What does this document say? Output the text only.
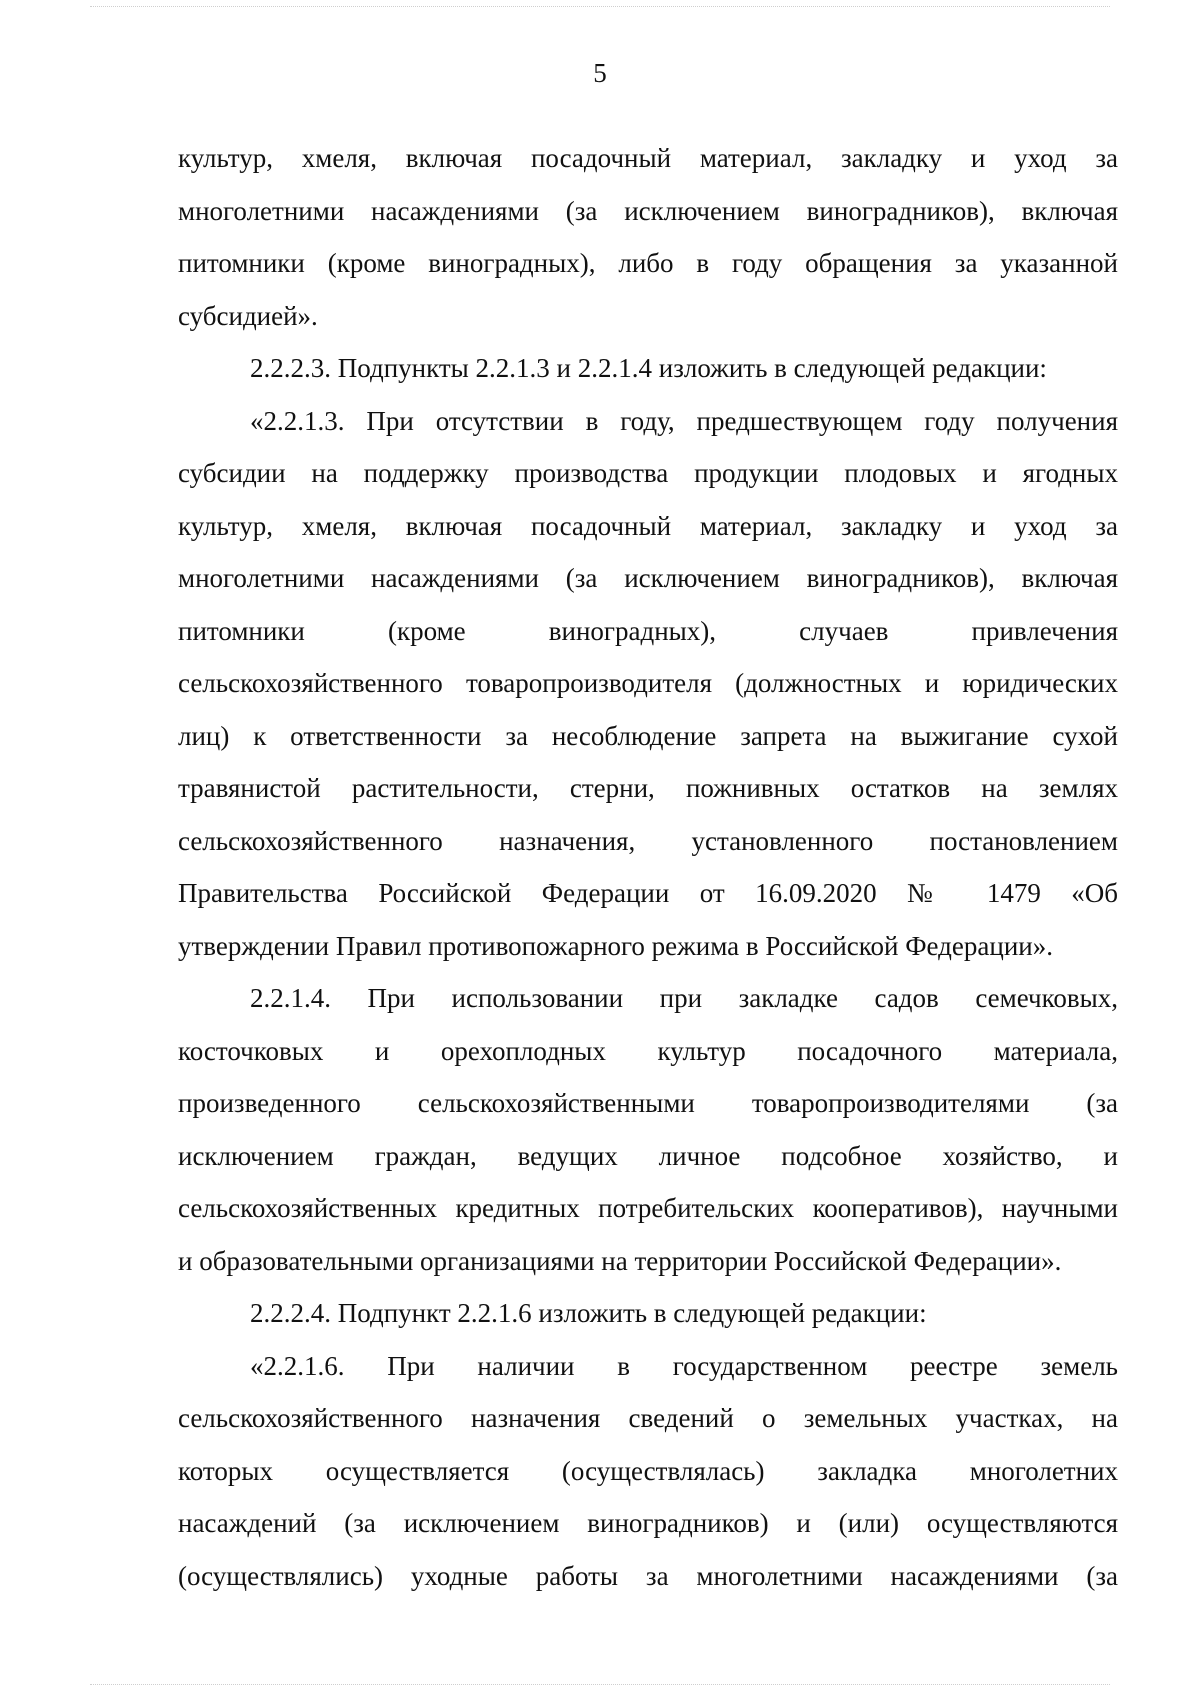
5

культур, хмеля, включая посадочный материал, закладку и уход за

многолетними насаждениями (за исключением виноградников), включая

питомники (кроме виноградных), либо в году обращения за указанной

субсидией».

2.2.2.3. Подпункты 2.2.1.3 и 2.2.1.4 изложить в следующей редакции:

«2.2.1.3. При отсутствии в году, предшествующем году получения

субсидии на поддержку производства продукции плодовых и ягодных

культур, хмеля, включая посадочный материал, закладку и уход за

многолетними насаждениями (за исключением виноградников), включая

питомники (кроме виноградных), случаев привлечения

сельскохозяйственного товаропроизводителя (должностных и юридических

лиц) к ответственности за несоблюдение запрета на выжигание сухой

травянистой растительности, стерни, пожнивных остатков на землях

сельскохозяйственного назначения, установленного постановлением

Правительства Российской Федерации от 16.09.2020 № 1479 «Об

утверждении Правил противопожарного режима в Российской Федерации».

2.2.1.4. При использовании при закладке садов семечковых,

косточковых и орехоплодных культур посадочного материала,

произведенного сельскохозяйственными товаропроизводителями (за

исключением граждан, ведущих личное подсобное хозяйство, и

сельскохозяйственных кредитных потребительских кооперативов), научными

и образовательными организациями на территории Российской Федерации».

2.2.2.4. Подпункт 2.2.1.6 изложить в следующей редакции:

«2.2.1.6. При наличии в государственном реестре земель

сельскохозяйственного назначения сведений о земельных участках, на

которых осуществляется (осуществлялась) закладка многолетних

насаждений (за исключением виноградников) и (или) осуществляются

(осуществлялись) уходные работы за многолетними насаждениями (за
